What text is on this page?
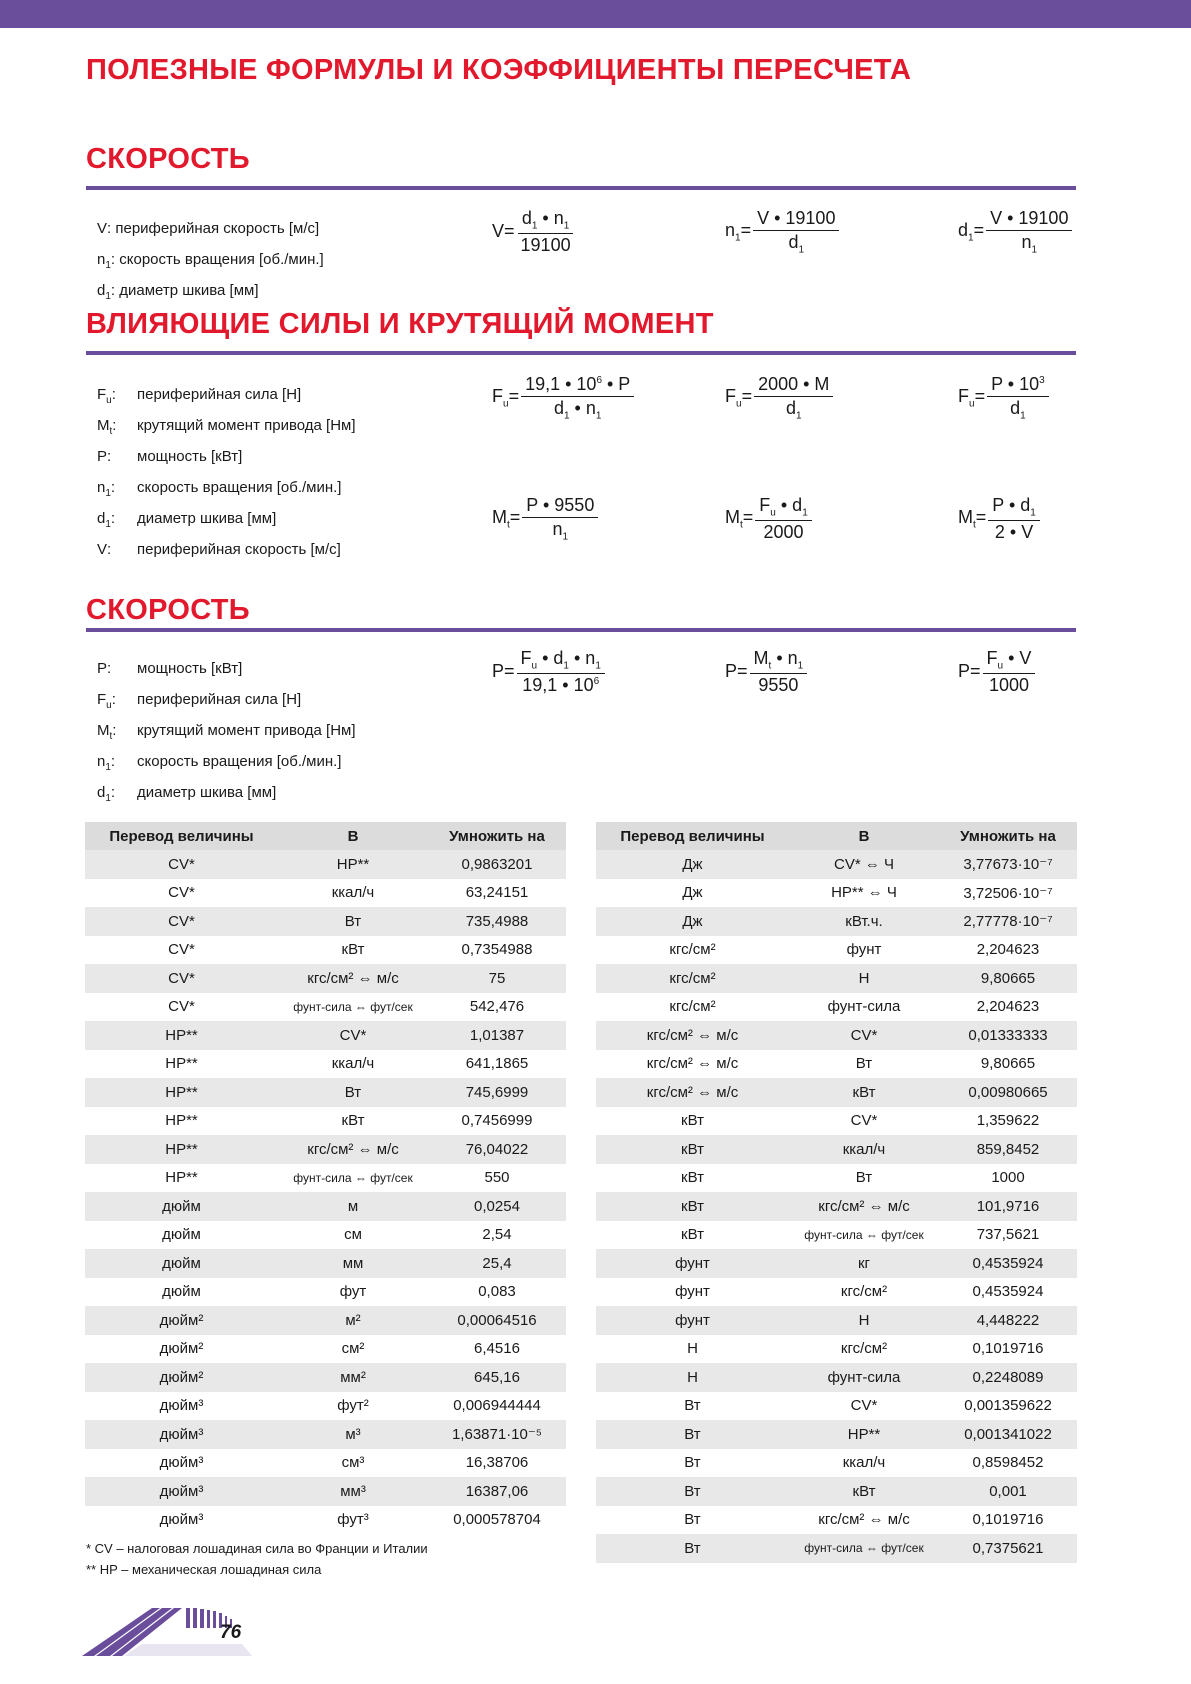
ПОЛЕЗНЫЕ ФОРМУЛЫ И КОЭФФИЦИЕНТЫ ПЕРЕСЧЕТА
СКОРОСТЬ
V: периферийная скорость [м/с]
$n_1$: скорость вращения [об./мин.]
$d_1$: диаметр шкива [мм]
$V= \frac{d_1 • n_1}{19100}$	$n_1= \frac{V • 19100}{d_1}$	$d_1= \frac{V • 19100}{n_1}$
ВЛИЯЮЩИЕ СИЛЫ И КРУТЯЩИЙ МОМЕНТ
$F_u$: периферийная сила [Н]
$M_t$: крутящий момент привода [Нм]
P: мощность [кВт]
$n_1$: скорость вращения [об./мин.]
$d_1$: диаметр шкива [мм]
V: периферийная скорость [м/с]
$F_u= \frac{19,1 • 10^6 • P}{d_1 • n_1}$	$F_u= \frac{2000 • M}{d_1}$	$F_u= \frac{P • 10^3}{d_1}$
$M_t= \frac{P • 9550}{n_1}$	$M_t= \frac{F_u • d_1}{2000}$	$M_t= \frac{P • d_1}{2 • V}$
СКОРОСТЬ
P: мощность [кВт]
$F_u$: периферийная сила [Н]
$M_t$: крутящий момент привода [Нм]
$n_1$: скорость вращения [об./мин.]
$d_1$: диаметр шкива [мм]
$P= \frac{F_u • d_1 • n_1}{19,1 • 10^6}$	$P= \frac{M_t • n_1}{9550}$	$P= \frac{F_u • V}{1000}$
Перевод величины	В	Умножить на
CV*	HP**	0,9863201
CV*	ккал/ч	63,24151
CV*	Вт	735,4988
CV*	кВт	0,7354988
CV*	кгс/см² ⇔ м/с	75
CV*	фунт-сила ⇔ фут/сек	542,476
HP**	CV*	1,01387
HP**	ккал/ч	641,1865
HP**	Вт	745,6999
HP**	кВт	0,7456999
HP**	кгс/см² ⇔ м/с	76,04022
HP**	фунт-сила ⇔ фут/сек	550
дюйм	м	0,0254
дюйм	см	2,54
дюйм	мм	25,4
дюйм	фут	0,083
дюйм²	м²	0,00064516
дюйм²	см²	6,4516
дюйм²	мм²	645,16
дюйм³	фут²	0,006944444
дюйм³	м³	1,63871·10⁻⁵
дюйм³	см³	16,38706
дюйм³	мм³	16387,06
дюйм³	фут³	0,000578704
Перевод величины	В	Умножить на
Дж	CV* ⇔ Ч	3,77673·10⁻⁷
Дж	HP** ⇔ Ч	3,72506·10⁻⁷
Дж	кВт.ч.	2,77778·10⁻⁷
кгс/см²	фунт	2,204623
кгс/см²	Н	9,80665
кгс/см²	фунт-сила	2,204623
кгс/см² ⇔ м/с	CV*	0,01333333
кгс/см² ⇔ м/с	Вт	9,80665
кгс/см² ⇔ м/с	кВт	0,00980665
кВт	CV*	1,359622
кВт	ккал/ч	859,8452
кВт	Вт	1000
кВт	кгс/см² ⇔ м/с	101,9716
кВт	фунт-сила ⇔ фут/сек	737,5621
фунт	кг	0,4535924
фунт	кгс/см²	0,4535924
фунт	Н	4,448222
Н	кгс/см²	0,1019716
Н	фунт-сила	0,2248089
Вт	CV*	0,001359622
Вт	HP**	0,001341022
Вт	ккал/ч	0,8598452
Вт	кВт	0,001
Вт	кгс/см² ⇔ м/с	0,1019716
Вт	фунт-сила ⇔ фут/сек	0,7375621
* CV – налоговая лошадиная сила во Франции и Италии
** HP – механическая лошадиная сила
76
